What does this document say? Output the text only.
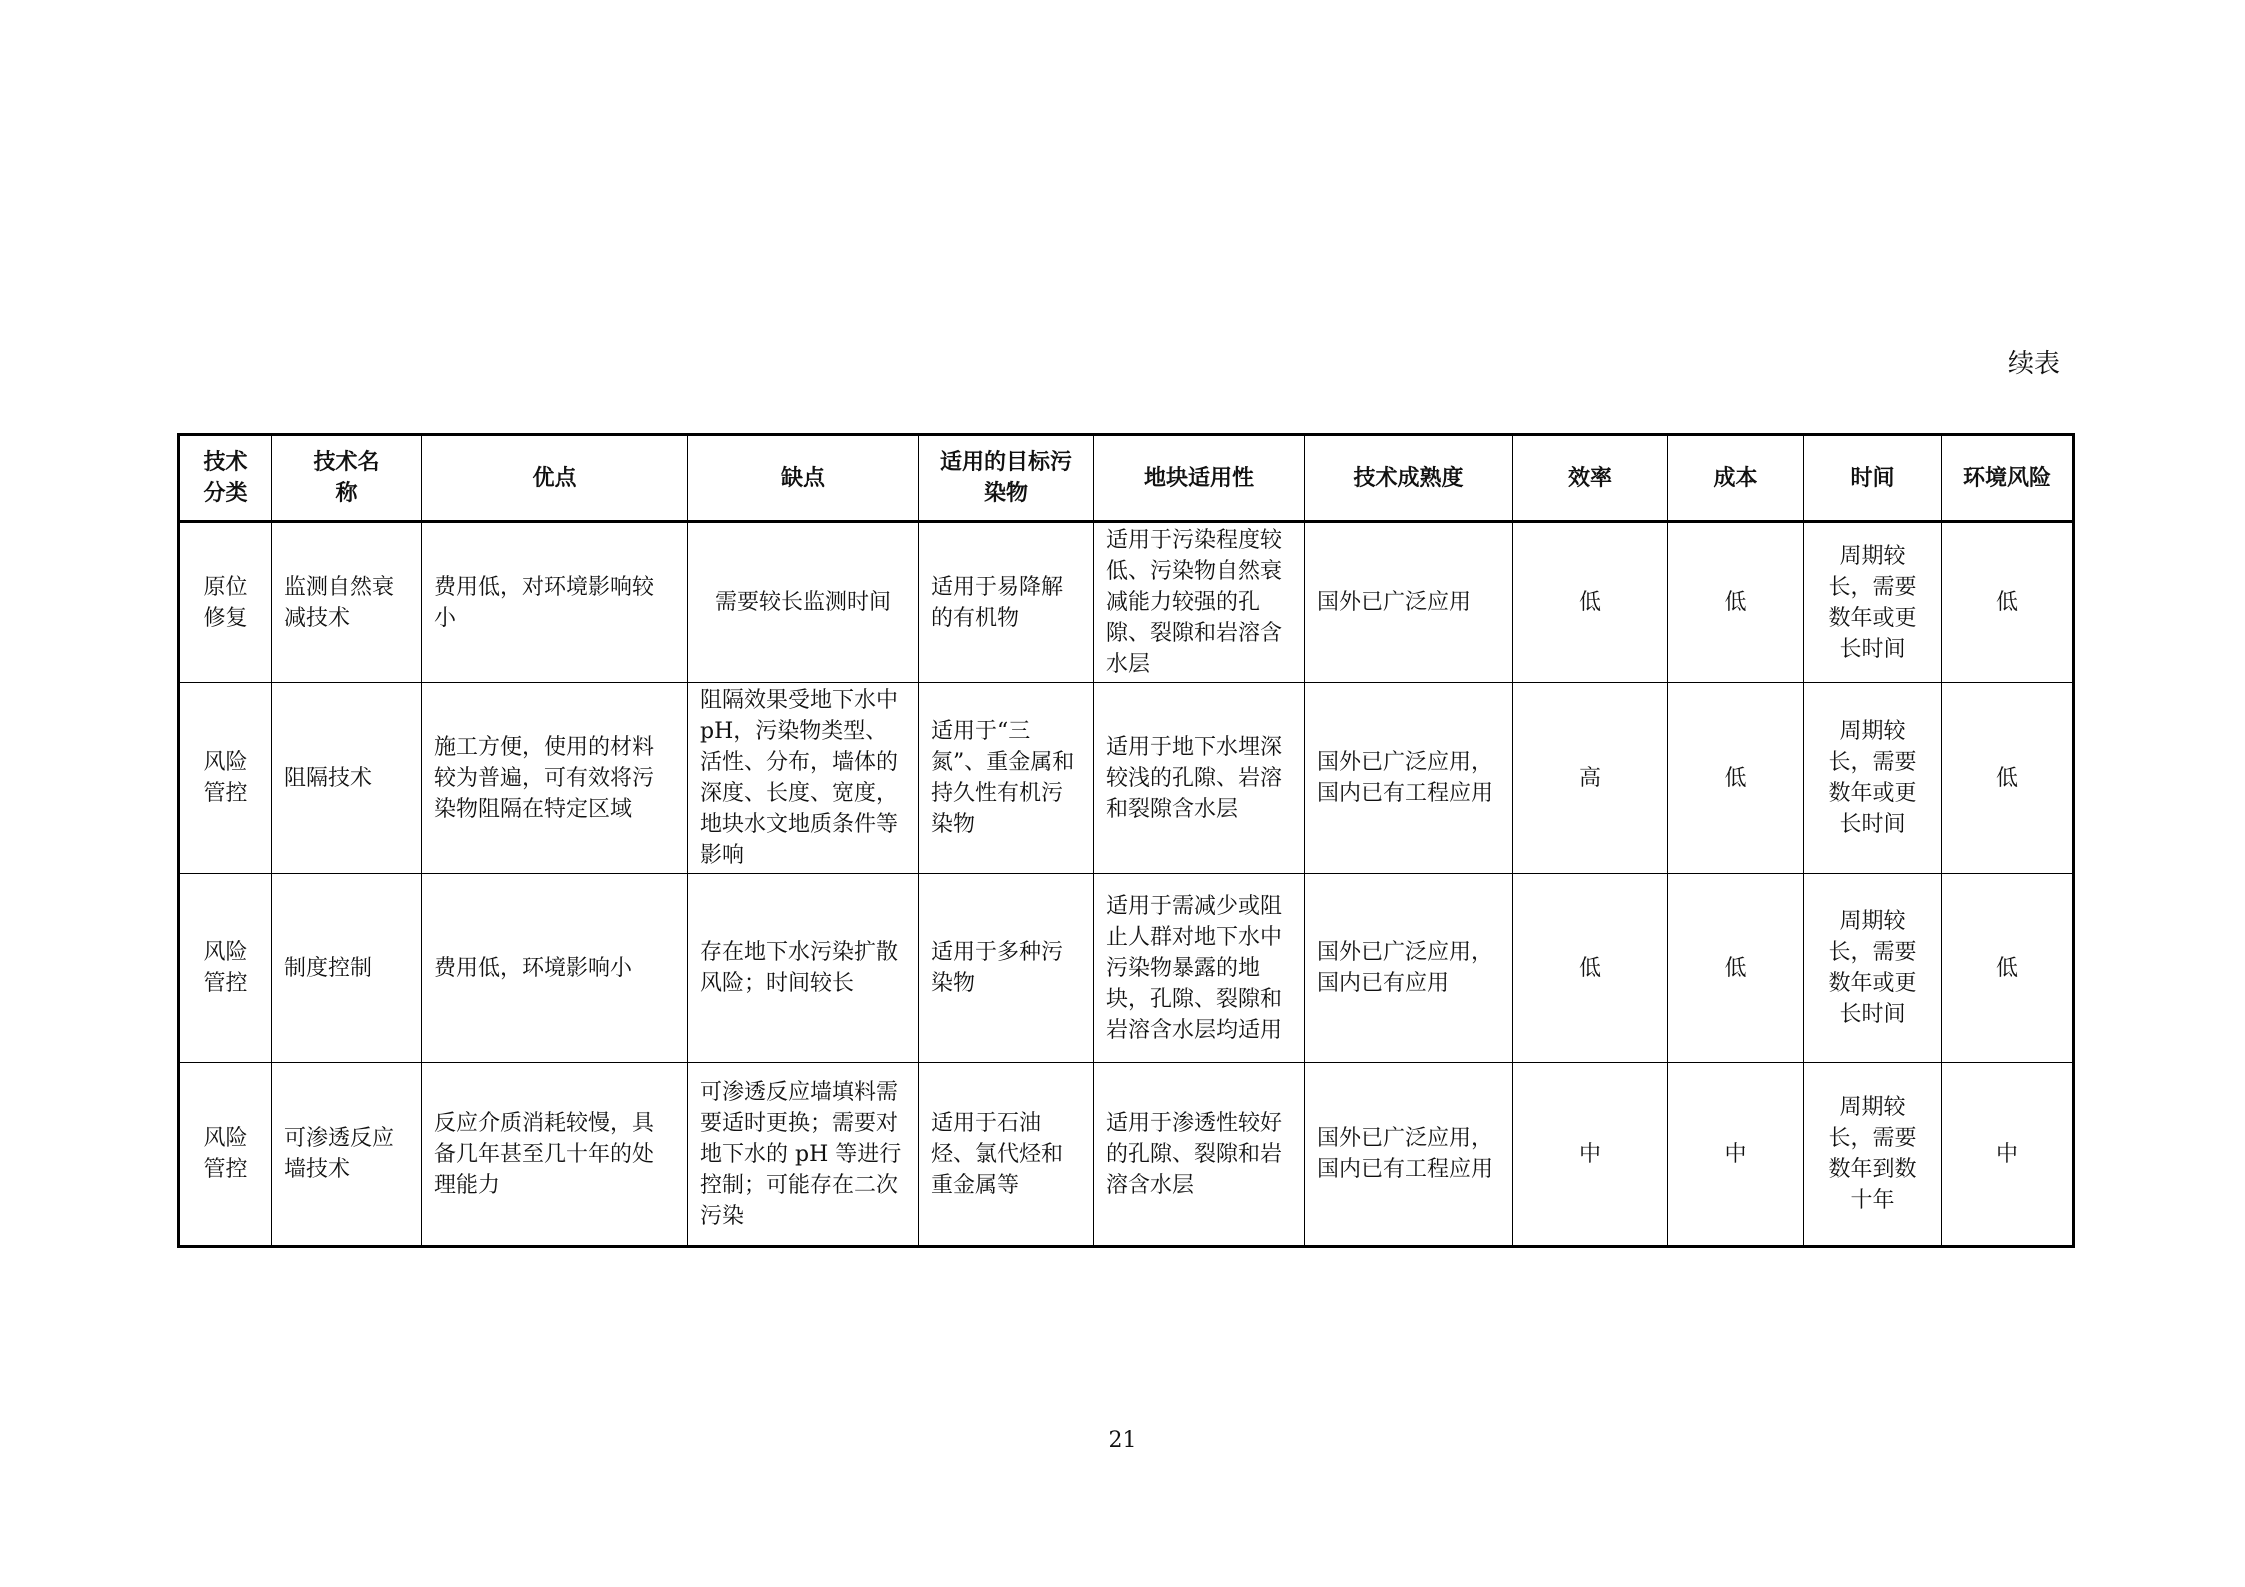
续表
技术分类	技术名称	优点	缺点	适用的目标污染物	地块适用性	技术成熟度	效率	成本	时间	环境风险
原位修复	监测自然衰减技术	费用低，对环境影响较小	需要较长监测时间	适用于易降解的有机物	适用于污染程度较低、污染物自然衰减能力较强的孔隙、裂隙和岩溶含水层	国外已广泛应用	低	低	周期较长，需要数年或更长时间	低
风险管控	阻隔技术	施工方便，使用的材料较为普遍，可有效将污染物阻隔在特定区域	阻隔效果受地下水中 pH，污染物类型、活性、分布，墙体的深度、长度、宽度，地块水文地质条件等影响	适用于“三氮”、重金属和持久性有机污染物	适用于地下水埋深较浅的孔隙、岩溶和裂隙含水层	国外已广泛应用，国内已有工程应用	高	低	周期较长，需要数年或更长时间	低
风险管控	制度控制	费用低，环境影响小	存在地下水污染扩散风险；时间较长	适用于多种污染物	适用于需减少或阻止人群对地下水中污染物暴露的地块，孔隙、裂隙和岩溶含水层均适用	国外已广泛应用，国内已有应用	低	低	周期较长，需要数年或更长时间	低
风险管控	可渗透反应墙技术	反应介质消耗较慢，具备几年甚至几十年的处理能力	可渗透反应墙填料需要适时更换；需要对地下水的 pH 等进行控制；可能存在二次污染	适用于石油烃、氯代烃和重金属等	适用于渗透性较好的孔隙、裂隙和岩溶含水层	国外已广泛应用，国内已有工程应用	中	中	周期较长，需要数年到数十年	中
21
